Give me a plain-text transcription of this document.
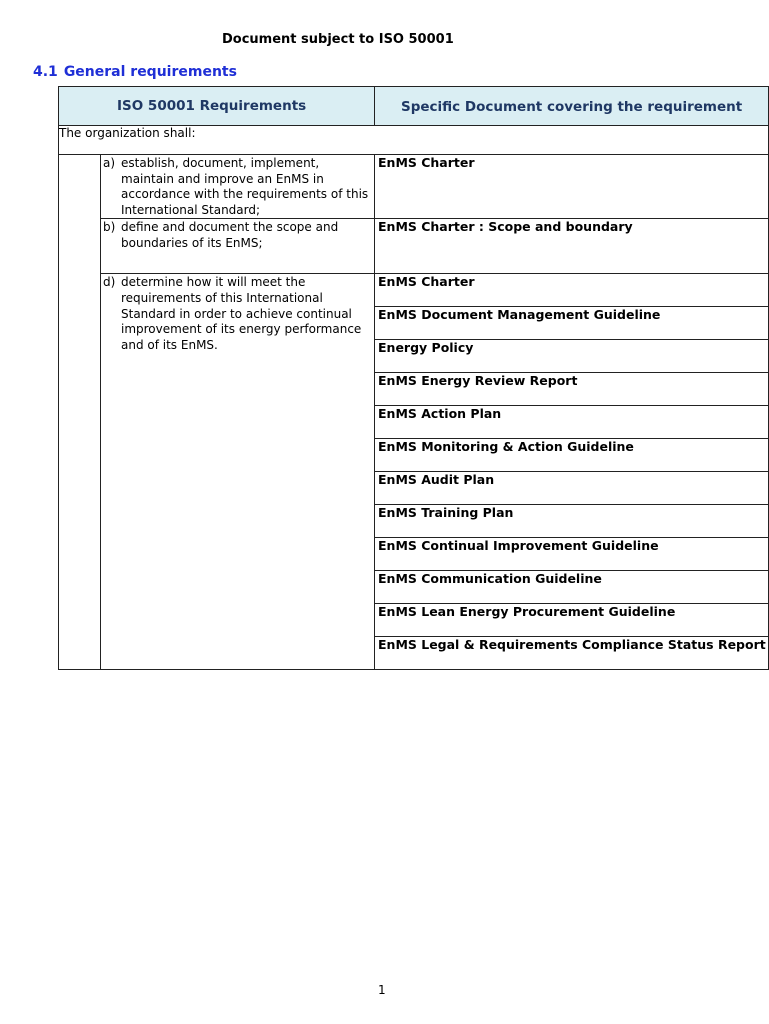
Document subject to ISO 50001
4.1 General requirements
ISO 50001 Requirements		Specific Document covering the requirement
The organization shall:		

	a) establish, document, implement, maintain and improve an EnMS in accordance with the requirements of this International Standard;	EnMS Charter

	b) define and document the scope and boundaries of its EnMS;	EnMS Charter : Scope and boundary

	d) determine how it will meet the requirements of this International Standard in order to achieve continual improvement of its energy performance and of its EnMS.	EnMS Charter
		EnMS Document Management Guideline
		Energy Policy
		EnMS Energy Review Report
		EnMS Action Plan
		EnMS Monitoring & Action Guideline
		EnMS Audit Plan
		EnMS Training Plan
		EnMS Continual Improvement Guideline
		EnMS Communication Guideline
		EnMS Lean Energy Procurement Guideline
		EnMS Legal & Requirements Compliance Status Report
1
